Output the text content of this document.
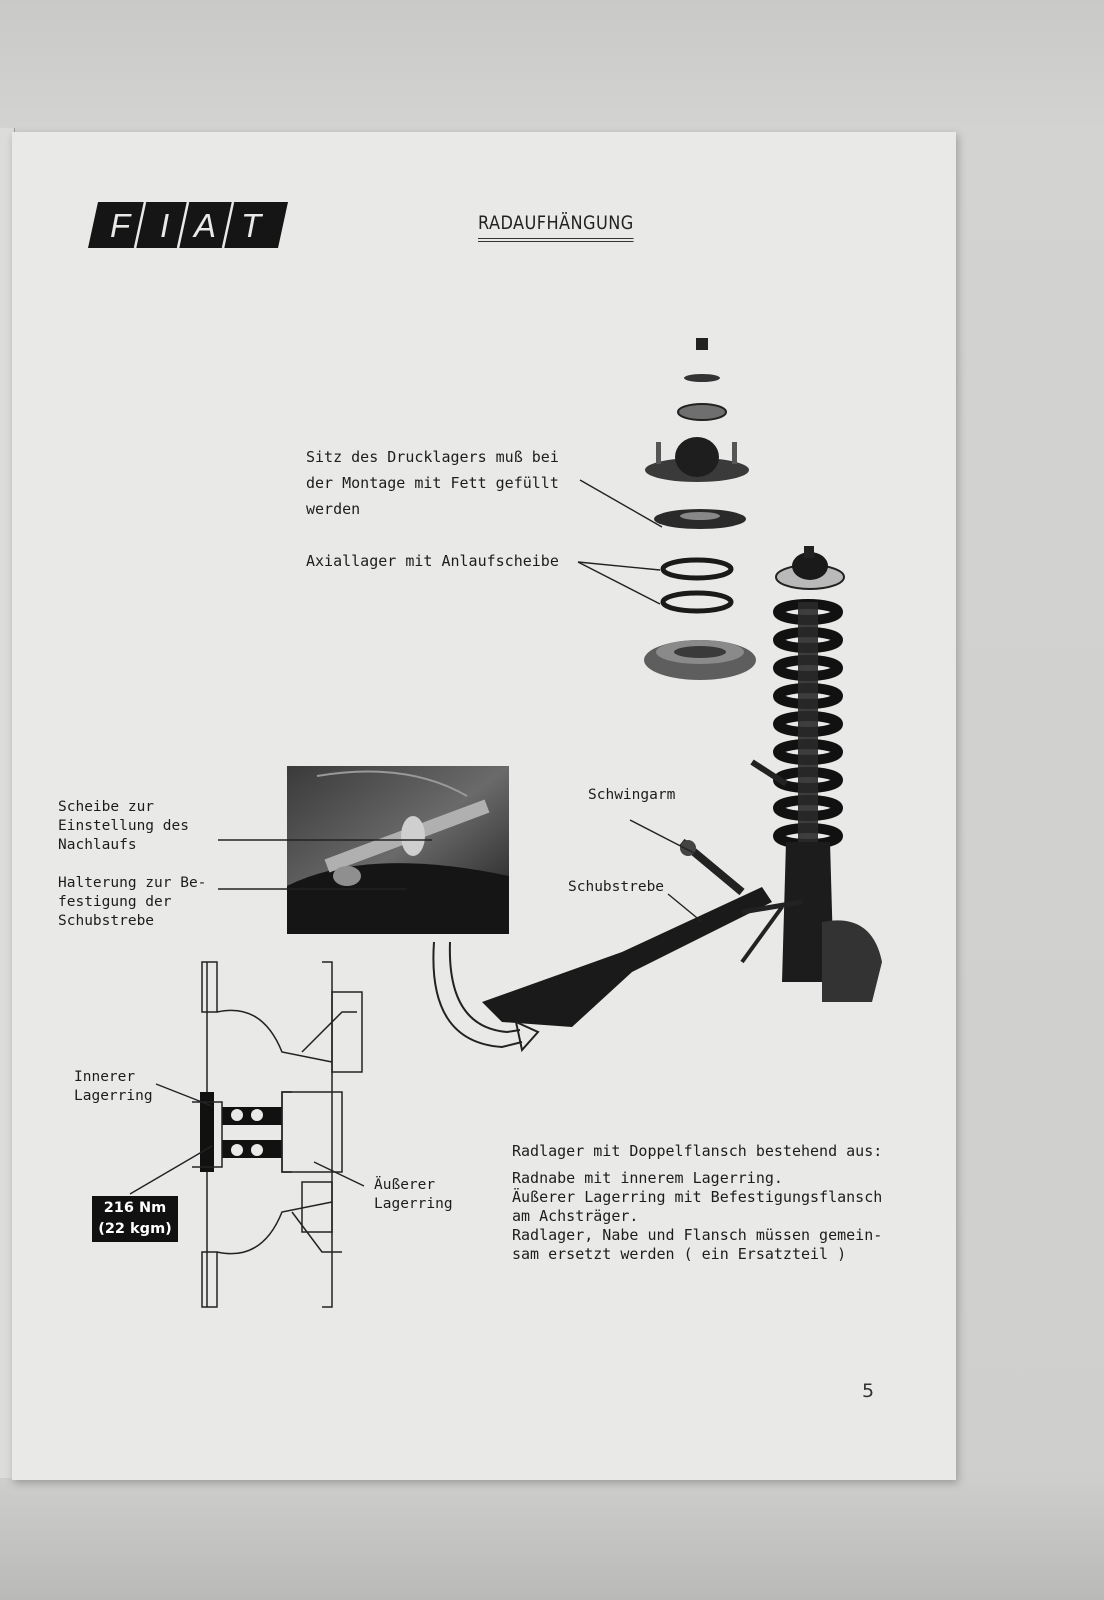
F I A T	RADAUFHÄNGUNG
Sitz des Drucklagers muß bei
der Montage mit Fett gefüllt
werden
Axiallager mit Anlaufscheibe
Scheibe zur
Einstellung des
Nachlaufs
Halterung zur Be-
festigung der
Schubstrebe
Schwingarm
Schubstrebe
Innerer
Lagerring
Äußerer
Lagerring
216 Nm
(22 kgm)
Radlager mit Doppelflansch bestehend aus:
Radnabe mit innerem Lagerring.
Äußerer Lagerring mit Befestigungsflansch
am Achsträger.
Radlager, Nabe und Flansch müssen gemein-
sam ersetzt werden ( ein Ersatzteil )
5
